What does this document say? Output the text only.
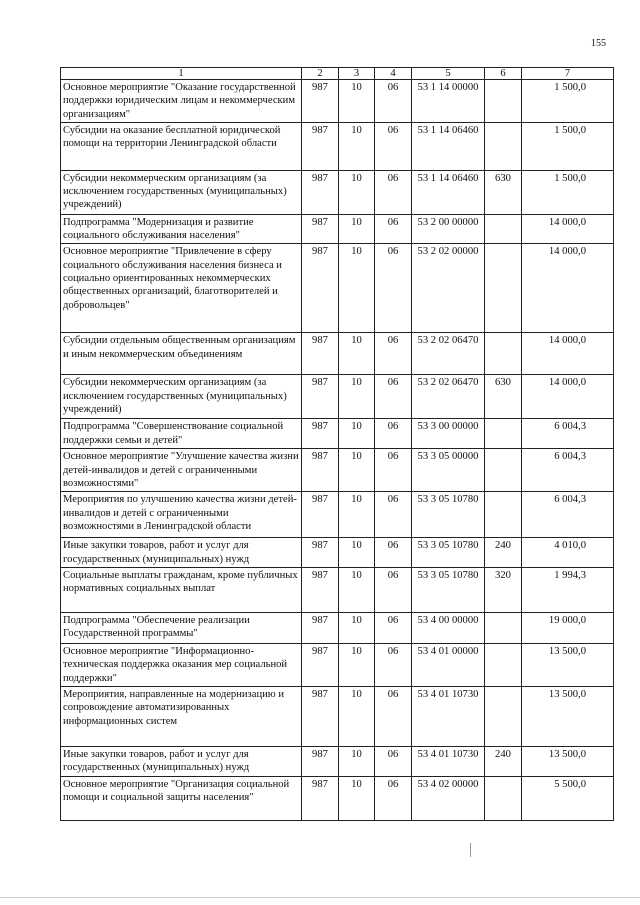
155
1	2	3	4	5	6	7
Основное мероприятие "Оказание государственной поддержки юридическим лицам и некоммерческим организациям"	987	10	06	53 1 14 00000		1 500,0
Субсидии на оказание бесплатной юридической помощи на территории Ленинградской области	987	10	06	53 1 14 06460		1 500,0
Субсидии некоммерческим организациям (за исключением государственных (муниципальных) учреждений)	987	10	06	53 1 14 06460	630	1 500,0
Подпрограмма "Модернизация и развитие социального обслуживания населения"	987	10	06	53 2 00 00000		14 000,0
Основное мероприятие "Привлечение в сферу социального обслуживания населения бизнеса и социально ориентированных некоммерческих общественных организаций, благотворителей и добровольцев"	987	10	06	53 2 02 00000		14 000,0
Субсидии отдельным общественным организациям и иным некоммерческим объединениям	987	10	06	53 2 02 06470		14 000,0
Субсидии некоммерческим организациям (за исключением государственных (муниципальных) учреждений)	987	10	06	53 2 02 06470	630	14 000,0
Подпрограмма "Совершенствование социальной поддержки семьи и детей"	987	10	06	53 3 00 00000		6 004,3
Основное мероприятие "Улучшение качества жизни детей-инвалидов и детей с ограниченными возможностями"	987	10	06	53 3 05 00000		6 004,3
Мероприятия по улучшению качества жизни детей-инвалидов и детей с ограниченными возможностями в Ленинградской области	987	10	06	53 3 05 10780		6 004,3
Иные закупки товаров, работ и услуг для государственных (муниципальных) нужд	987	10	06	53 3 05 10780	240	4 010,0
Социальные выплаты гражданам, кроме публичных нормативных социальных выплат	987	10	06	53 3 05 10780	320	1 994,3
Подпрограмма "Обеспечение реализации Государственной программы"	987	10	06	53 4 00 00000		19 000,0
Основное мероприятие "Информационно-техническая поддержка оказания мер социальной поддержки"	987	10	06	53 4 01 00000		13 500,0
Мероприятия, направленные на модернизацию и сопровождение автоматизированных информационных систем	987	10	06	53 4 01 10730		13 500,0
Иные закупки товаров, работ и услуг для государственных (муниципальных) нужд	987	10	06	53 4 01 10730	240	13 500,0
Основное мероприятие "Организация социальной помощи и социальной защиты населения"	987	10	06	53 4 02 00000		5 500,0
